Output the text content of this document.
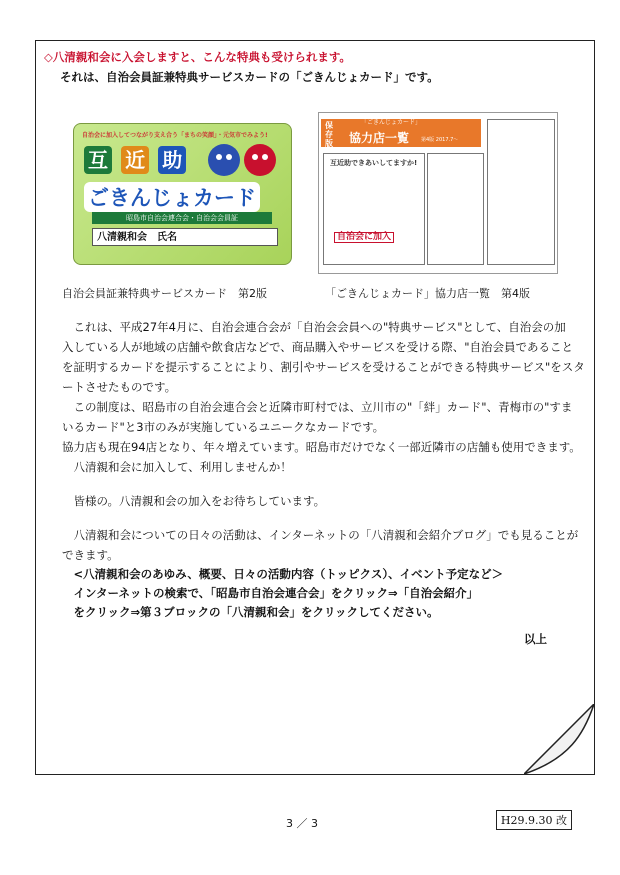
◇八清親和会に入会しますと、こんな特典も受けられます。
それは、自治会員証兼特典サービスカードの「ごきんじょカード」です。
自治会に加入してつながり支え合う「まちの笑顔」・元気市でみよう!
互 近 助
ごきんじょカード
昭島市自治会連合会・自治会会員証
八清親和会　氏名
保存版
「ごきんじょカード」
協力店一覧 第4版 2017.7～
互近助できあいしてますか!
自治会に加入
自治会員証兼特典サービスカード　第2版	「ごきんじょカード」協力店一覧　第4版
　これは、平成27年4月に、自治会連合会が「自治会会員への"特典サービス"として、自治会の加
入している人が地域の店舗や飲食店などで、商品購入やサービスを受ける際、"自治会員であること
を証明するカードを提示することにより、割引やサービスを受けることができる特典サービス"をスタ
ートさせたものです。
　この制度は、昭島市の自治会連合会と近隣市町村では、立川市の"「絆」カード"、青梅市の"すま
いるカード"と3市のみが実施しているユニークなカードです。
協力店も現在94店となり、年々増えています。昭島市だけでなく一部近隣市の店舗も使用できます。
　八清親和会に加入して、利用しませんか！
　皆様の。八清親和会の加入をお待ちしています。
　八清親和会についての日々の活動は、インターネットの「八清親和会紹介ブログ」でも見ることが
できます。
　<八清親和会のあゆみ、概要、日々の活動内容（トッピクス）、イベント予定など＞
　インターネットの検索で、「昭島市自治会連合会」をクリック⇒「自治会紹介」
　をクリック⇒第３ブロックの「八清親和会」をクリックしてください。
以上
3 ／ 3	H29.9.30 改
